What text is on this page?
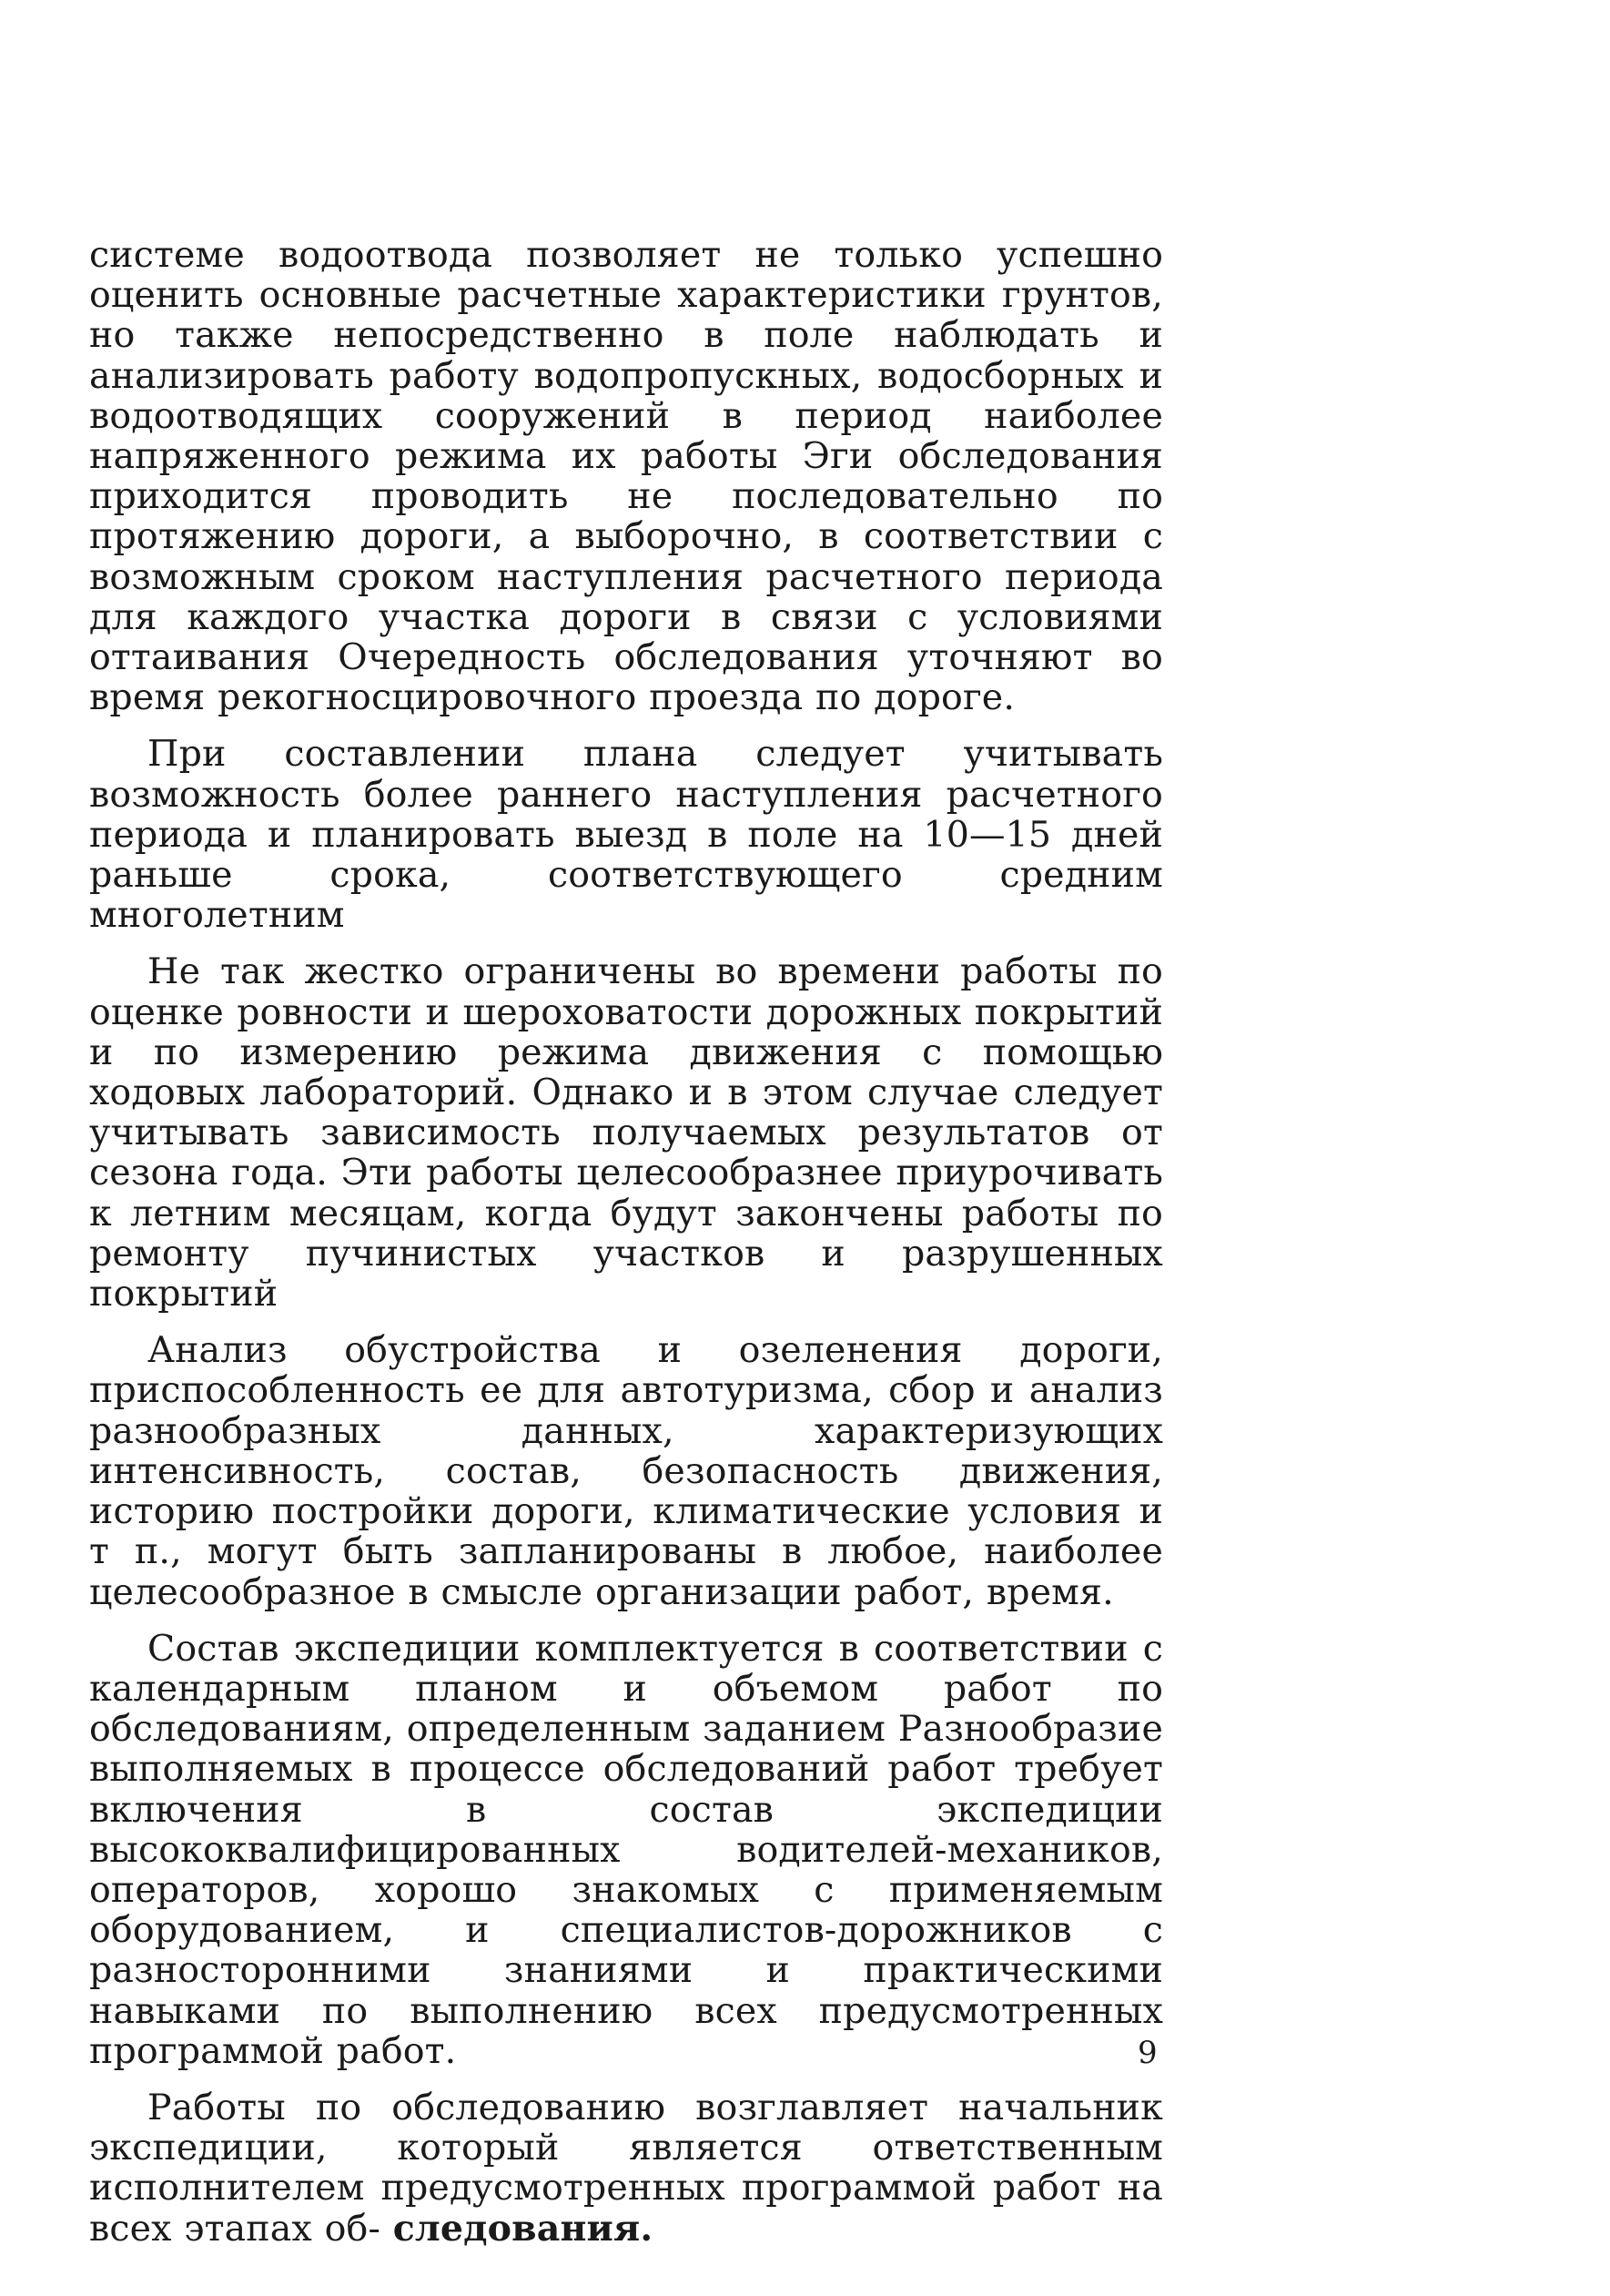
системе водоотвода позволяет не только успешно оценить основные расчетные характеристики грунтов, но также непосредственно в поле наблюдать и анализировать работу водопропускных, водосборных и водоотводящих сооружений в период наиболее напряженного режима их работы Эги обследования приходится проводить не последовательно по протяжению дороги, а выборочно, в соответствии с возможным сроком наступления расчетного периода для каждого участка дороги в связи с условиями оттаивания Очередность обследования уточняют во время рекогносцировочного проезда по дороге.

При составлении плана следует учитывать возможность более раннего наступления расчетного периода и планировать выезд в поле на 10—15 дней раньше срока, соответствующего средним многолетним

Не так жестко ограничены во времени работы по оценке ровности и шероховатости дорожных покрытий и по измерению режима движения с помощью ходовых лабораторий. Однако и в этом случае следует учитывать зависимость получаемых результатов от сезона года. Эти работы целесообразнее приурочивать к летним месяцам, когда будут закончены работы по ремонту пучинистых участков и разрушенных покрытий

Анализ обустройства и озеленения дороги, приспособленность ее для автотуризма, сбор и анализ разнообразных данных, характеризующих интенсивность, состав, безопасность движения, историю постройки дороги, климатические условия и т п., могут быть запланированы в любое, наиболее целесообразное в смысле организации работ, время.

Состав экспедиции комплектуется в соответствии с календарным планом и объемом работ по обследованиям, определенным заданием Разнообразие выполняемых в процессе обследований работ требует включения в состав экспедиции высококвалифицированных водителей-механиков, операторов, хорошо знакомых с применяемым оборудованием, и специалистов-дорожников с разносторонними знаниями и практическими навыками по выполнению всех предусмотренных программой работ.

Работы по обследованию возглавляет начальник экспедиции, который является ответственным исполнителем предусмотренных программой работ на всех этапах об- следования.

9
